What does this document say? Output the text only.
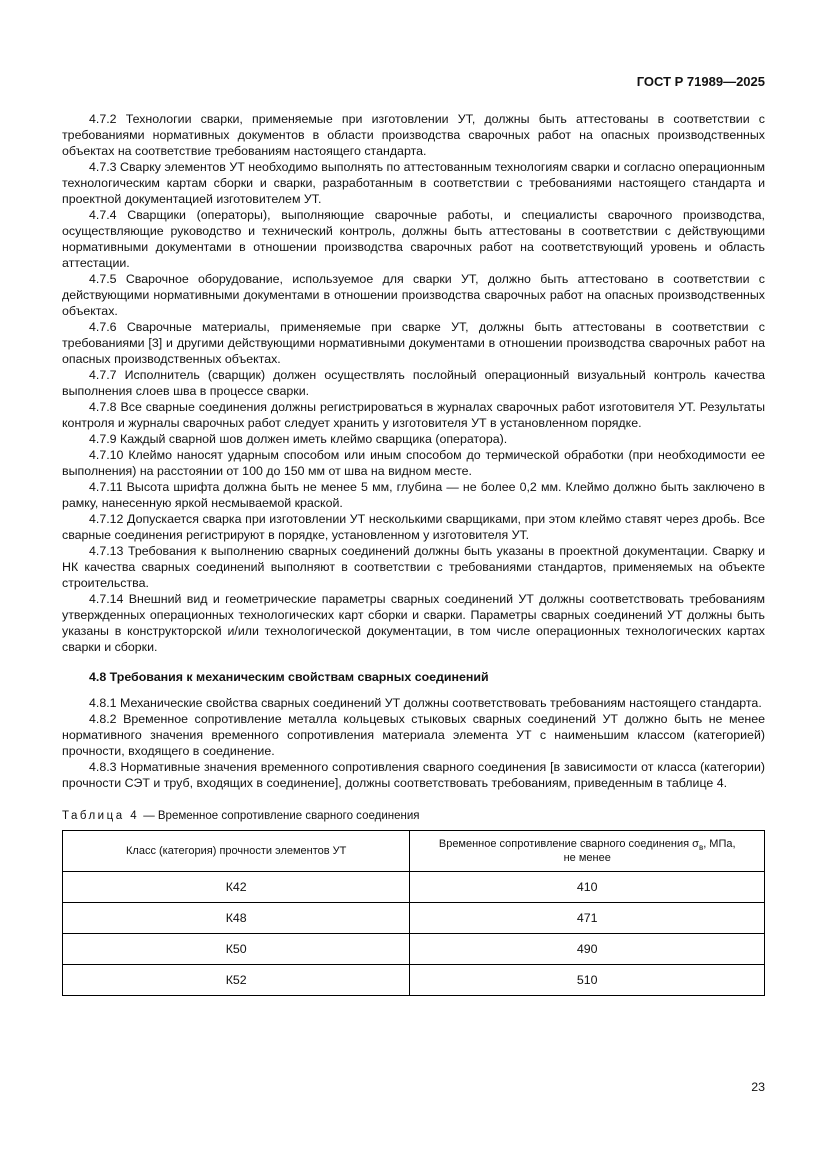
ГОСТ Р 71989—2025

4.7.2 Технологии сварки, применяемые при изготовлении УТ, должны быть аттестованы в соответствии с требованиями нормативных документов в области производства сварочных работ на опасных производственных объектах на соответствие требованиям настоящего стандарта.

4.7.3 Сварку элементов УТ необходимо выполнять по аттестованным технологиям сварки и согласно операционным технологическим картам сборки и сварки, разработанным в соответствии с требованиями настоящего стандарта и проектной документацией изготовителем УТ.

4.7.4 Сварщики (операторы), выполняющие сварочные работы, и специалисты сварочного производства, осуществляющие руководство и технический контроль, должны быть аттестованы в соответствии с действующими нормативными документами в отношении производства сварочных работ на соответствующий уровень и область аттестации.

4.7.5 Сварочное оборудование, используемое для сварки УТ, должно быть аттестовано в соответствии с действующими нормативными документами в отношении производства сварочных работ на опасных производственных объектах.

4.7.6 Сварочные материалы, применяемые при сварке УТ, должны быть аттестованы в соответствии с требованиями [3] и другими действующими нормативными документами в отношении производства сварочных работ на опасных производственных объектах.

4.7.7 Исполнитель (сварщик) должен осуществлять послойный операционный визуальный контроль качества выполнения слоев шва в процессе сварки.

4.7.8 Все сварные соединения должны регистрироваться в журналах сварочных работ изготовителя УТ. Результаты контроля и журналы сварочных работ следует хранить у изготовителя УТ в установленном порядке.

4.7.9 Каждый сварной шов должен иметь клеймо сварщика (оператора).

4.7.10 Клеймо наносят ударным способом или иным способом до термической обработки (при необходимости ее выполнения) на расстоянии от 100 до 150 мм от шва на видном месте.

4.7.11 Высота шрифта должна быть не менее 5 мм, глубина — не более 0,2 мм. Клеймо должно быть заключено в рамку, нанесенную яркой несмываемой краской.

4.7.12 Допускается сварка при изготовлении УТ несколькими сварщиками, при этом клеймо ставят через дробь. Все сварные соединения регистрируют в порядке, установленном у изготовителя УТ.

4.7.13 Требования к выполнению сварных соединений должны быть указаны в проектной документации. Сварку и НК качества сварных соединений выполняют в соответствии с требованиями стандартов, применяемых на объекте строительства.

4.7.14 Внешний вид и геометрические параметры сварных соединений УТ должны соответствовать требованиям утвержденных операционных технологических карт сборки и сварки. Параметры сварных соединений УТ должны быть указаны в конструкторской и/или технологической документации, в том числе операционных технологических картах сварки и сборки.

4.8 Требования к механическим свойствам сварных соединений

4.8.1 Механические свойства сварных соединений УТ должны соответствовать требованиям настоящего стандарта.

4.8.2 Временное сопротивление металла кольцевых стыковых сварных соединений УТ должно быть не менее нормативного значения временного сопротивления материала элемента УТ с наименьшим классом (категорией) прочности, входящего в соединение.

4.8.3 Нормативные значения временного сопротивления сварного соединения [в зависимости от класса (категории) прочности СЭТ и труб, входящих в соединение], должны соответствовать требованиям, приведенным в таблице 4.

Таблица 4 — Временное сопротивление сварного соединения

Класс (категория) прочности элементов УТ	Временное сопротивление сварного соединения $\sigma_в$, МПа,
не менее
К42	410
К48	471
К50	490
К52	510
23
